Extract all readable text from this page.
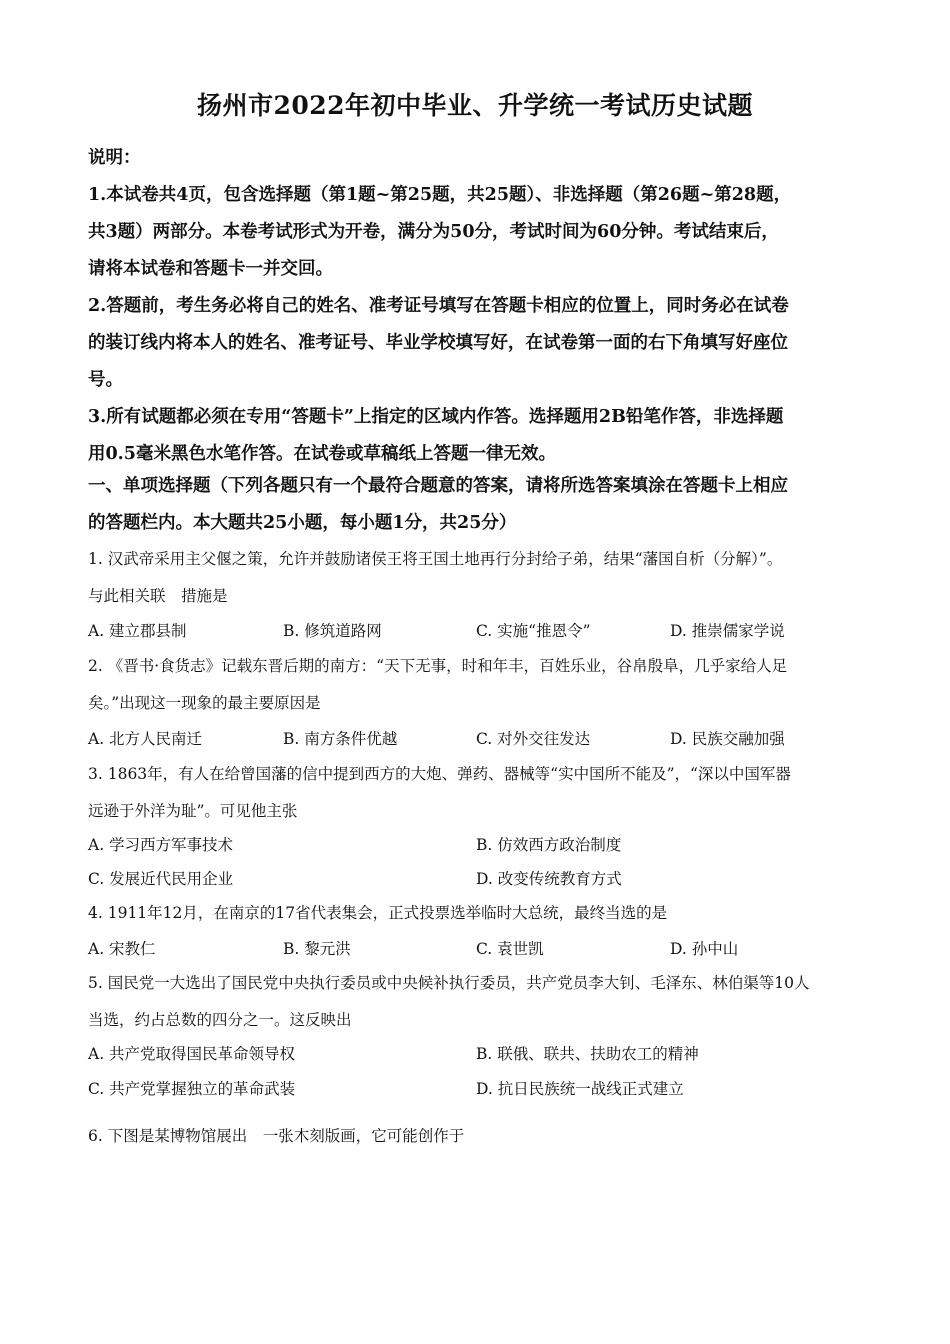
扬州市2022年初中毕业、升学统一考试历史试题
说明：
1.本试卷共4页，包含选择题（第1题~第25题，共25题）、非选择题（第26题~第28题，
共3题）两部分。本卷考试形式为开卷，满分为50分，考试时间为60分钟。考试结束后，
请将本试卷和答题卡一并交回。
2.答题前，考生务必将自己的姓名、准考证号填写在答题卡相应的位置上，同时务必在试卷
的装订线内将本人的姓名、准考证号、毕业学校填写好，在试卷第一面的右下角填写好座位
号。
3.所有试题都必须在专用“答题卡”上指定的区域内作答。选择题用2B铅笔作答，非选择题
用0.5毫米黑色水笔作答。在试卷或草稿纸上答题一律无效。
一、单项选择题（下列各题只有一个最符合题意的答案，请将所选答案填涂在答题卡上相应
的答题栏内。本大题共25小题，每小题1分，共25分）
1. 汉武帝采用主父偃之策，允许并鼓励诸侯王将王国土地再行分封给子弟，结果“藩国自析（分解）”。
与此相关联　措施是
A. 建立郡县制	B. 修筑道路网	C. 实施“推恩令”	D. 推崇儒家学说
2. 《晋书·食货志》记载东晋后期的南方：“天下无事，时和年丰，百姓乐业，谷帛殷阜，几乎家给人足
矣。”出现这一现象的最主要原因是
A. 北方人民南迁	B. 南方条件优越	C. 对外交往发达	D. 民族交融加强
3. 1863年，有人在给曾国藩的信中提到西方的大炮、弹药、器械等“实中国所不能及”，“深以中国军器
远逊于外洋为耻”。可见他主张
A. 学习西方军事技术	B. 仿效西方政治制度
C. 发展近代民用企业	D. 改变传统教育方式
4. 1911年12月，在南京的17省代表集会，正式投票选举临时大总统，最终当选的是
A. 宋教仁	B. 黎元洪	C. 袁世凯	D. 孙中山
5. 国民党一大选出了国民党中央执行委员或中央候补执行委员，共产党员李大钊、毛泽东、林伯渠等10人
当选，约占总数的四分之一。这反映出
A. 共产党取得国民革命领导权	B. 联俄、联共、扶助农工的精神
C. 共产党掌握独立的革命武装	D. 抗日民族统一战线正式建立
6. 下图是某博物馆展出　一张木刻版画，它可能创作于
